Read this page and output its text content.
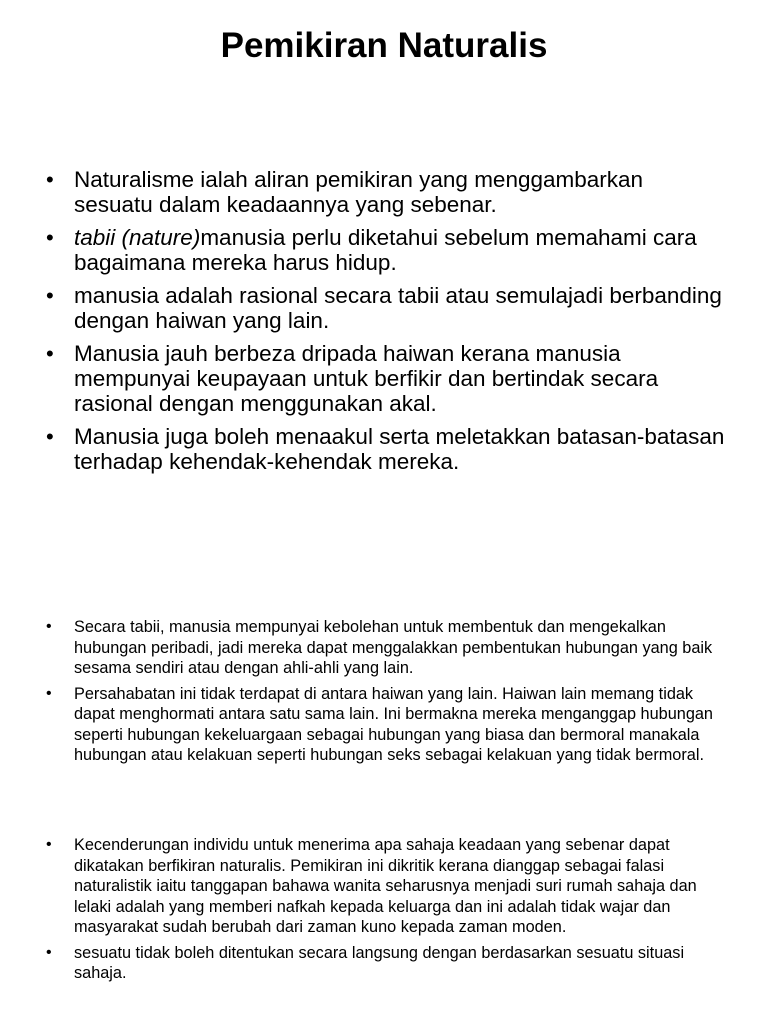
Pemikiran Naturalis
• Naturalisme ialah aliran pemikiran yang menggambarkan sesuatu dalam keadaannya yang sebenar.
• tabii (nature)manusia perlu diketahui sebelum memahami cara bagaimana mereka harus hidup.
• manusia adalah rasional secara tabii atau semulajadi berbanding dengan haiwan yang lain.
• Manusia jauh berbeza dripada haiwan kerana manusia mempunyai keupayaan untuk berfikir dan bertindak secara rasional dengan menggunakan akal.
• Manusia juga boleh menaakul serta meletakkan batasan-batasan terhadap kehendak-kehendak mereka.
• Secara tabii, manusia mempunyai kebolehan untuk membentuk dan mengekalkan hubungan peribadi, jadi mereka dapat menggalakkan pembentukan hubungan yang baik sesama sendiri atau dengan ahli-ahli yang lain.
• Persahabatan ini tidak terdapat di antara haiwan yang lain. Haiwan lain memang tidak dapat menghormati antara satu sama lain. Ini bermakna mereka menganggap hubungan seperti hubungan kekeluargaan sebagai hubungan yang biasa dan bermoral manakala hubungan atau kelakuan seperti hubungan seks sebagai kelakuan yang tidak bermoral.
• Kecenderungan individu untuk menerima apa sahaja keadaan yang sebenar dapat dikatakan berfikiran naturalis. Pemikiran ini dikritik kerana dianggap sebagai falasi naturalistik iaitu tanggapan bahawa wanita seharusnya menjadi suri rumah sahaja dan lelaki adalah yang memberi nafkah kepada keluarga dan ini adalah tidak wajar dan masyarakat sudah berubah dari zaman kuno kepada zaman moden.
• sesuatu tidak boleh ditentukan secara langsung dengan berdasarkan sesuatu situasi sahaja.
